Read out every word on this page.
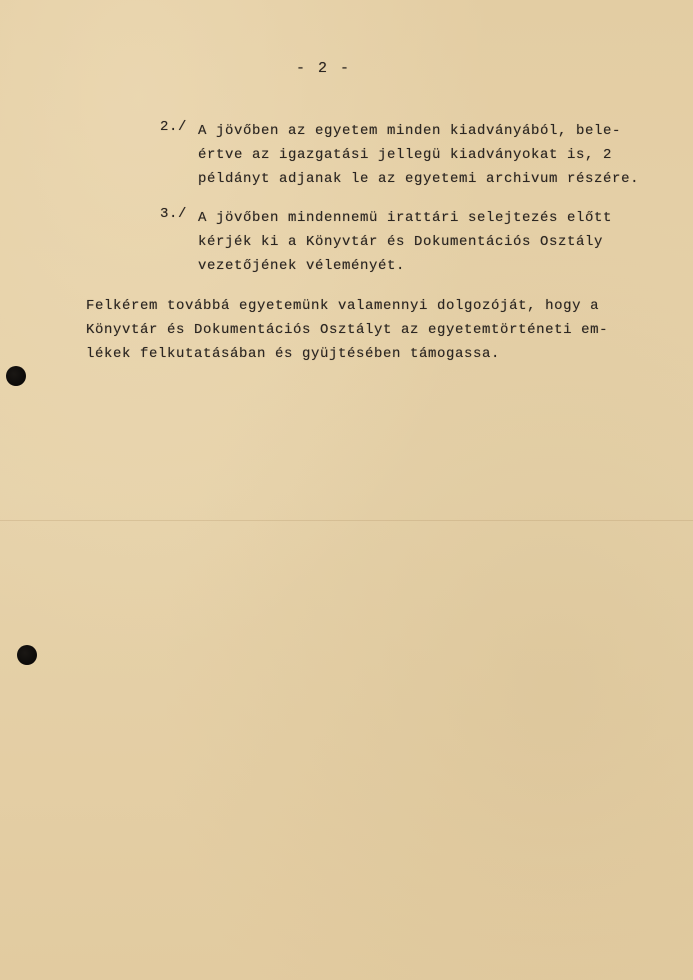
- 2 -
2./ A jövőben az egyetem minden kiadványából, bele-
értve az igazgatási jellegü kiadványokat is, 2
példányt adjanak le az egyetemi archivum részére.
3./ A jövőben mindennemü irattári selejtezés előtt
kérjék ki a Könyvtár és Dokumentációs Osztály
vezetőjének véleményét.
Felkérem továbbá egyetemünk valamennyi dolgozóját, hogy a
Könyvtár és Dokumentációs Osztályt az egyetemtörténeti em-
lékek felkutatásában és gyüjtésében támogassa.
